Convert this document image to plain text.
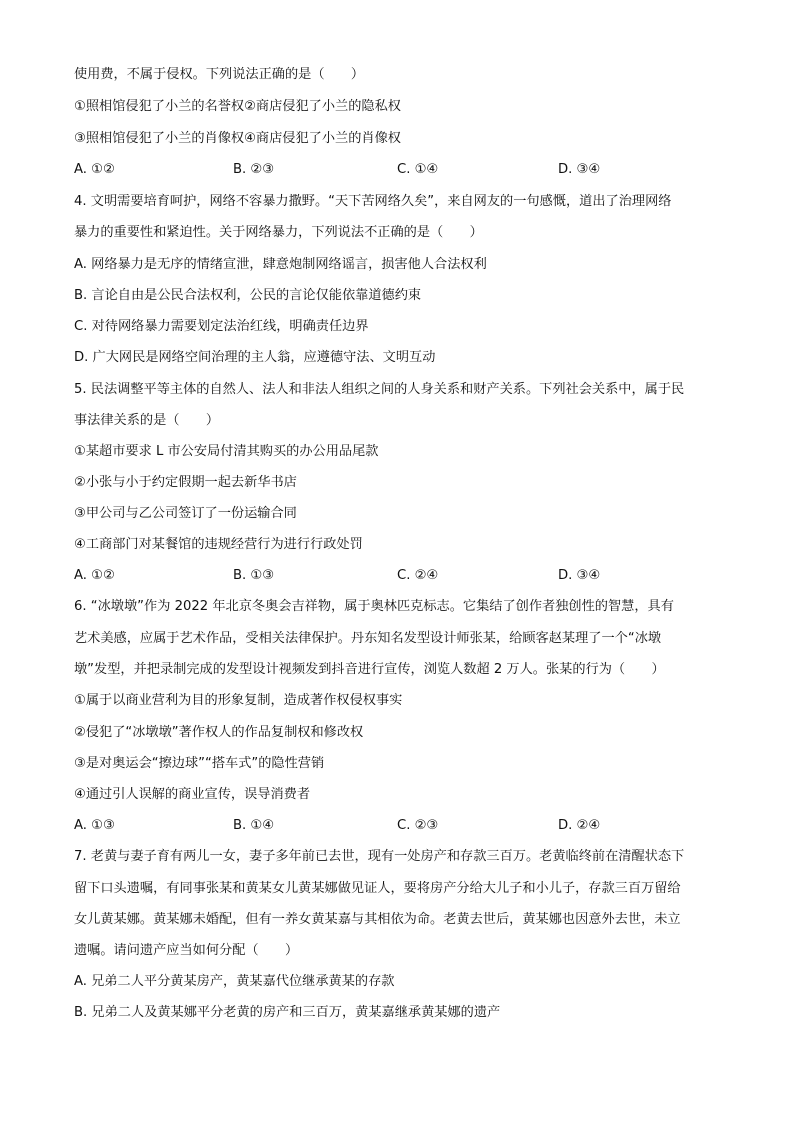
使用费，不属于侵权。下列说法正确的是（　　）
①照相馆侵犯了小兰的名誉权②商店侵犯了小兰的隐私权
③照相馆侵犯了小兰的肖像权④商店侵犯了小兰的肖像权
A. ①②	B. ②③	C. ①④	D. ③④
4. 文明需要培育呵护，网络不容暴力撒野。“天下苦网络久矣”，来自网友的一句感慨，道出了治理网络
暴力的重要性和紧迫性。关于网络暴力，下列说法不正确的是（　　）
A. 网络暴力是无序的情绪宣泄，肆意炮制网络谣言，损害他人合法权利
B. 言论自由是公民合法权利，公民的言论仅能依靠道德约束
C. 对待网络暴力需要划定法治红线，明确责任边界
D. 广大网民是网络空间治理的主人翁，应遵德守法、文明互动
5. 民法调整平等主体的自然人、法人和非法人组织之间的人身关系和财产关系。下列社会关系中，属于民
事法律关系的是（　　）
①某超市要求 L 市公安局付清其购买的办公用品尾款
②小张与小于约定假期一起去新华书店
③甲公司与乙公司签订了一份运输合同
④工商部门对某餐馆的违规经营行为进行行政处罚
A. ①②	B. ①③	C. ②④	D. ③④
6. “冰墩墩”作为 2022 年北京冬奥会吉祥物，属于奥林匹克标志。它集结了创作者独创性的智慧，具有
艺术美感，应属于艺术作品，受相关法律保护。丹东知名发型设计师张某，给顾客赵某理了一个“冰墩
墩”发型，并把录制完成的发型设计视频发到抖音进行宣传，浏览人数超 2 万人。张某的行为（　　）
①属于以商业营利为目的形象复制，造成著作权侵权事实
②侵犯了“冰墩墩”著作权人的作品复制权和修改权
③是对奥运会“擦边球”“搭车式”的隐性营销
④通过引人误解的商业宣传，误导消费者
A. ①③	B. ①④	C. ②③	D. ②④
7. 老黄与妻子育有两儿一女，妻子多年前已去世，现有一处房产和存款三百万。老黄临终前在清醒状态下
留下口头遗嘱，有同事张某和黄某女儿黄某娜做见证人，要将房产分给大儿子和小儿子，存款三百万留给
女儿黄某娜。黄某娜未婚配，但有一养女黄某嘉与其相依为命。老黄去世后，黄某娜也因意外去世，未立
遗嘱。请问遗产应当如何分配（　　）
A. 兄弟二人平分黄某房产，黄某嘉代位继承黄某的存款
B. 兄弟二人及黄某娜平分老黄的房产和三百万，黄某嘉继承黄某娜的遗产
